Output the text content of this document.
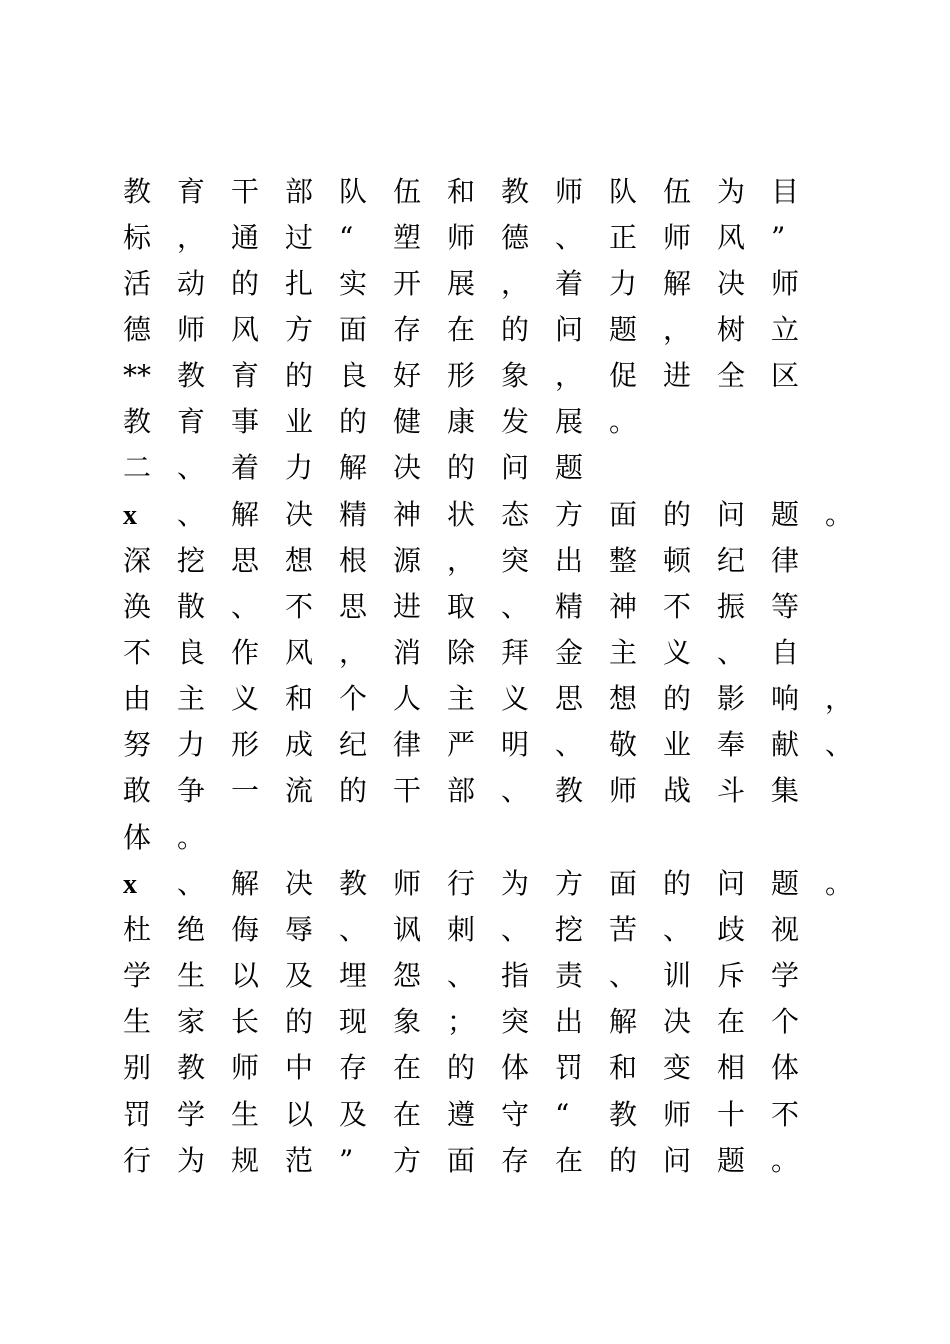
教 育 干 部 队 伍 和 教 师 队 伍 为 目
标 ， 通 过 “ 塑 师 德 、 正 师 风 ”
活 动 的 扎 实 开 展 ， 着 力 解 决 师
德 师 风 方 面 存 在 的 问 题 ， 树 立
** 教 育 的 良 好 形 象 ， 促 进 全 区
教 育 事 业 的 健 康 发 展 。
二 、 着 力 解 决 的 问 题
x 、 解 决 精 神 状 态 方 面 的 问 题 。
深 挖 思 想 根 源 ， 突 出 整 顿 纪 律
涣 散 、 不 思 进 取 、 精 神 不 振 等
不 良 作 风 ， 消 除 拜 金 主 义 、 自
由 主 义 和 个 人 主 义 思 想 的 影 响 ，
努 力 形 成 纪 律 严 明 、 敬 业 奉 献 、
敢 争 一 流 的 干 部 、 教 师 战 斗 集
体 。
x 、 解 决 教 师 行 为 方 面 的 问 题 。
杜 绝 侮 辱 、 讽 刺 、 挖 苦 、 歧 视
学 生 以 及 埋 怨 、 指 责 、 训 斥 学
生 家 长 的 现 象 ； 突 出 解 决 在 个
别 教 师 中 存 在 的 体 罚 和 变 相 体
罚 学 生 以 及 在 遵 守 “ 教 师 十 不
行 为 规 范 ” 方 面 存 在 的 问 题 。
